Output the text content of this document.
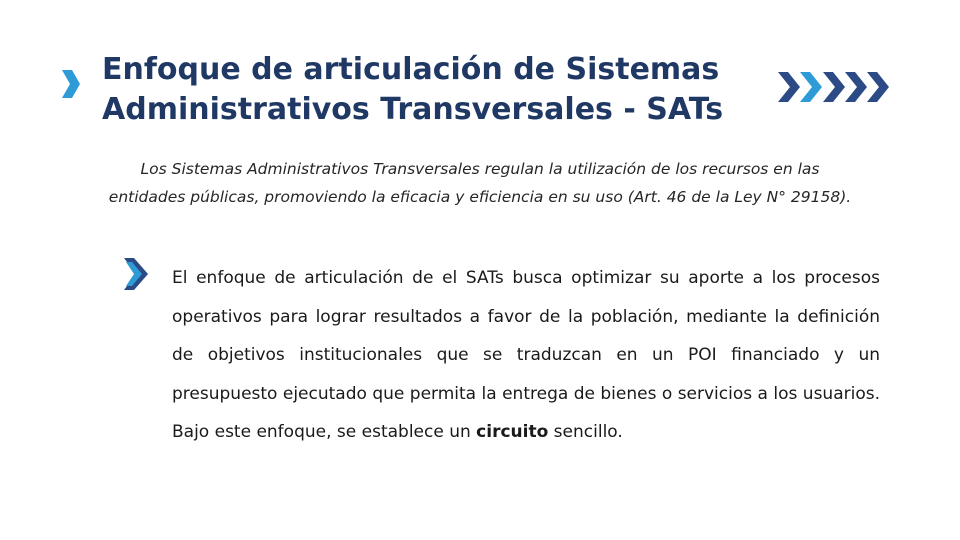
Enfoque de articulación de Sistemas Administrativos Transversales - SATs

Los Sistemas Administrativos Transversales regulan la utilización de los recursos en las entidades públicas, promoviendo la eficacia y eficiencia en su uso (Art. 46 de la Ley N° 29158).

El enfoque de articulación de el SATs busca optimizar su aporte a los procesos operativos para lograr resultados a favor de la población, mediante la definición de objetivos institucionales que se traduzcan en un POI financiado y un presupuesto ejecutado que permita la entrega de bienes o servicios a los usuarios. Bajo este enfoque, se establece un circuito sencillo.
